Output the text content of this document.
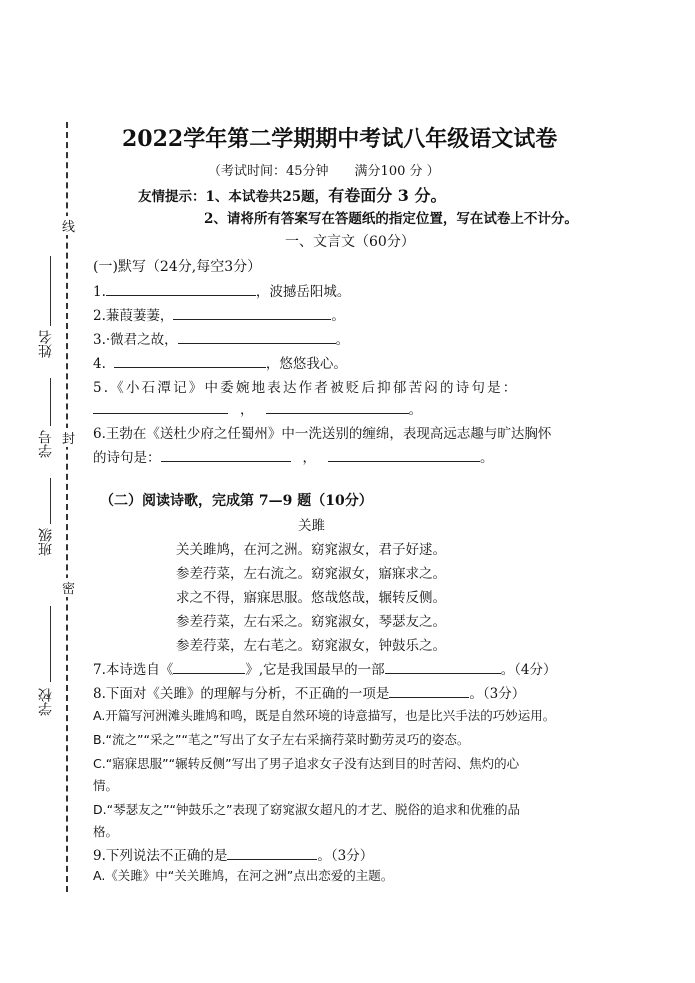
线
封
密
姓名
学号
班级
学校
2022学年第二学期期中考试八年级语文试卷
（考试时间：45分钟　　满分100 分 ）
友情提示：1、本试卷共25题，有卷面分 3 分。
2、请将所有答案写在答题纸的指定位置，写在试卷上不计分。
一、文言文（60分）
(一)默写（24分,每空3分）
1.	，波撼岳阳城。
2.蒹葭萋萋，	。
3.·微君之故，	。
4.	，悠悠我心。
5.《小石潭记》中委婉地表达作者被贬后抑郁苦闷的诗句是：
，	。
6.王勃在《送杜少府之任蜀州》中一洗送别的缠绵，表现高远志趣与旷达胸怀
的诗句是：	，	。
（二）阅读诗歌，完成第 7—9 题（10分）
关雎
关关雎鸠，在河之洲。窈窕淑女，君子好逑。
参差荇菜，左右流之。窈窕淑女，寤寐求之。
求之不得，寤寐思服。悠哉悠哉，辗转反侧。
参差荇菜，左右采之。窈窕淑女，琴瑟友之。
参差荇菜，左右芼之。窈窕淑女，钟鼓乐之。
7.本诗选自《	》,它是我国最早的一部	。（4分）
8.下面对《关雎》的理解与分析，不正确的一项是	。（3分）
A.开篇写河洲滩头雎鸠和鸣，既是自然环境的诗意描写，也是比兴手法的巧妙运用。
B.“流之”“采之”“芼之”写出了女子左右采摘荇菜时勤劳灵巧的姿态。
C.“寤寐思服”“辗转反侧”写出了男子追求女子没有达到目的时苦闷、焦灼的心
情。
D.“琴瑟友之”“钟鼓乐之”表现了窈窕淑女超凡的才艺、脱俗的追求和优雅的品
格。
9.下列说法不正确的是	。（3分）
A.《关雎》中“关关雎鸠，在河之洲”点出恋爱的主题。
